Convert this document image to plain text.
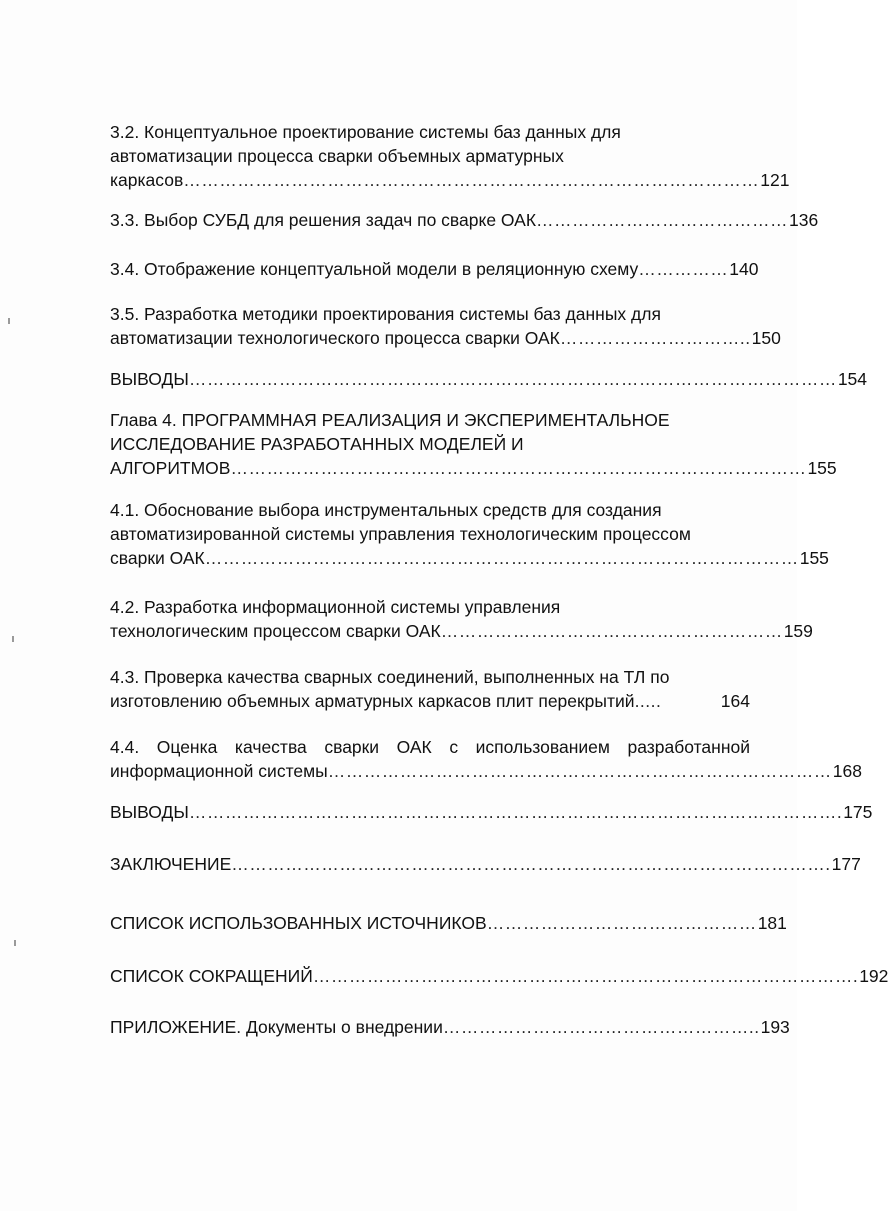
3.2. Концептуальное проектирование системы баз данных для
автоматизации процесса сварки объемных арматурных
каркасов …………………………………………………………………………………… 121
3.3. Выбор СУБД для решения задач по сварке ОАК …………………………………… 136
3.4. Отображение концептуальной модели в реляционную схему …………… 140
3.5. Разработка методики проектирования системы баз данных для
автоматизации технологического процесса сварки ОАК ………………………….. 150
ВЫВОДЫ ……………………………………………………………………………………………… 154
Глава 4. ПРОГРАММНАЯ РЕАЛИЗАЦИЯ И ЭКСПЕРИМЕНТАЛЬНОЕ
ИССЛЕДОВАНИЕ РАЗРАБОТАННЫХ МОДЕЛЕЙ И
АЛГОРИТМОВ …………………………………………………………………………………… 155
4.1. Обоснование выбора инструментальных средств для создания
автоматизированной системы управления технологическим процессом
сварки ОАК ……………………………………………………………………………………… 155
4.2. Разработка информационной системы управления
технологическим процессом сварки ОАК ………………………………………………… 159
4.3. Проверка качества сварных соединений, выполненных на ТЛ по
изготовлению объемных арматурных каркасов плит перекрытий .....	164
4.4. Оценка качества сварки ОАК с использованием разработанной
информационной системы ………………………………………………………………………… 168
ВЫВОДЫ ………………………………………………………………………………………………. 175
ЗАКЛЮЧЕНИЕ ………………………………………………………………………………………. 177
СПИСОК ИСПОЛЬЗОВАННЫХ ИСТОЧНИКОВ ……………………………………… 181
СПИСОК СОКРАЩЕНИЙ ………………………………………………………………………………. 192
ПРИЛОЖЕНИЕ. Документы о внедрении …………………………………………….. 193
